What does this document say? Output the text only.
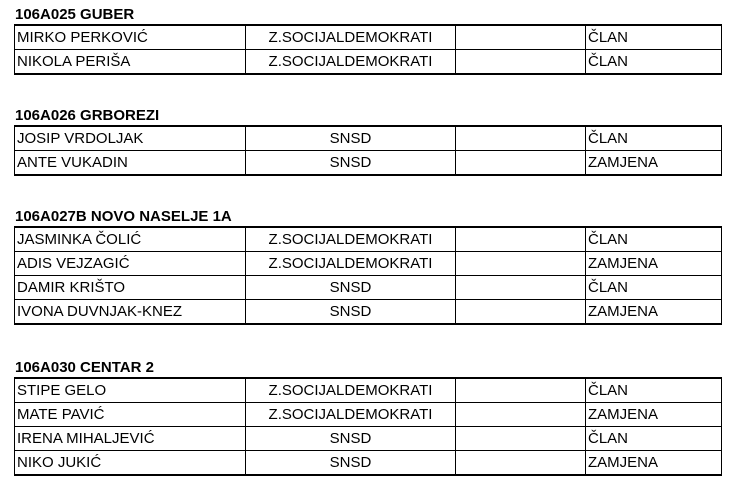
106A025 GUBER
MIRKO PERKOVIĆ	Z.SOCIJALDEMOKRATI		ČLAN
NIKOLA PERIŠA	Z.SOCIJALDEMOKRATI		ČLAN
106A026 GRBOREZI
JOSIP VRDOLJAK	SNSD		ČLAN
ANTE VUKADIN	SNSD		ZAMJENA
106A027B NOVO NASELJE 1A
JASMINKA ČOLIĆ	Z.SOCIJALDEMOKRATI		ČLAN
ADIS VEJZAGIĆ	Z.SOCIJALDEMOKRATI		ZAMJENA
DAMIR KRIŠTO	SNSD		ČLAN
IVONA DUVNJAK-KNEZ	SNSD		ZAMJENA
106A030 CENTAR 2
STIPE GELO	Z.SOCIJALDEMOKRATI		ČLAN
MATE PAVIĆ	Z.SOCIJALDEMOKRATI		ZAMJENA
IRENA MIHALJEVIĆ	SNSD		ČLAN
NIKO JUKIĆ	SNSD		ZAMJENA
